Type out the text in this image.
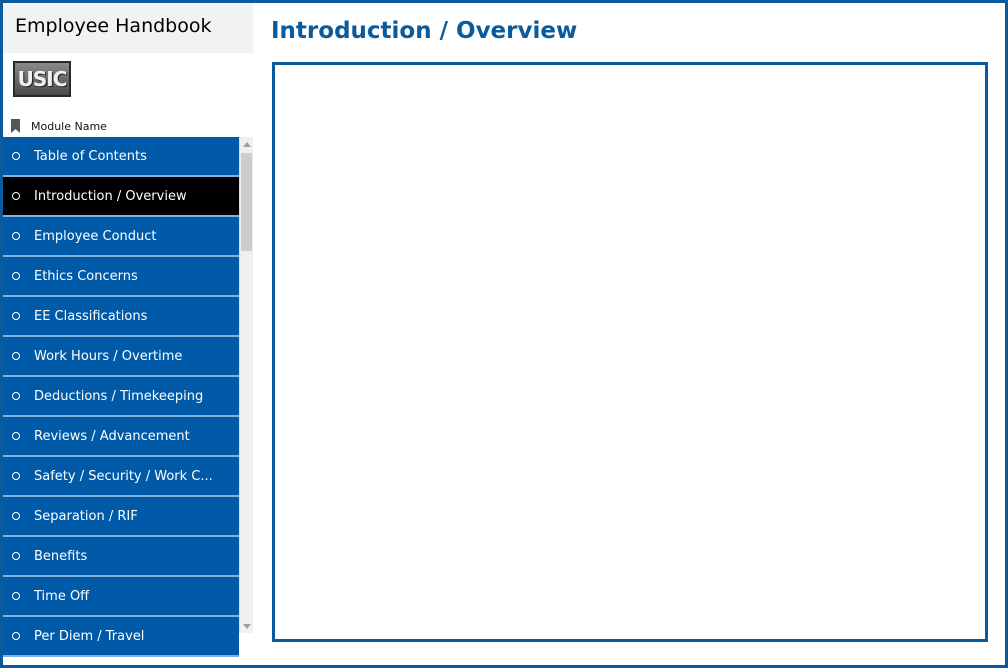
Employee Handbook
USIC
Module Name
Table of Contents
Introduction / Overview
Employee Conduct
Ethics Concerns
EE Classifications
Work Hours / Overtime
Deductions / Timekeeping
Reviews / Advancement
Safety / Security / Work C...
Separation / RIF
Benefits
Time Off
Per Diem / Travel
Introduction / Overview
